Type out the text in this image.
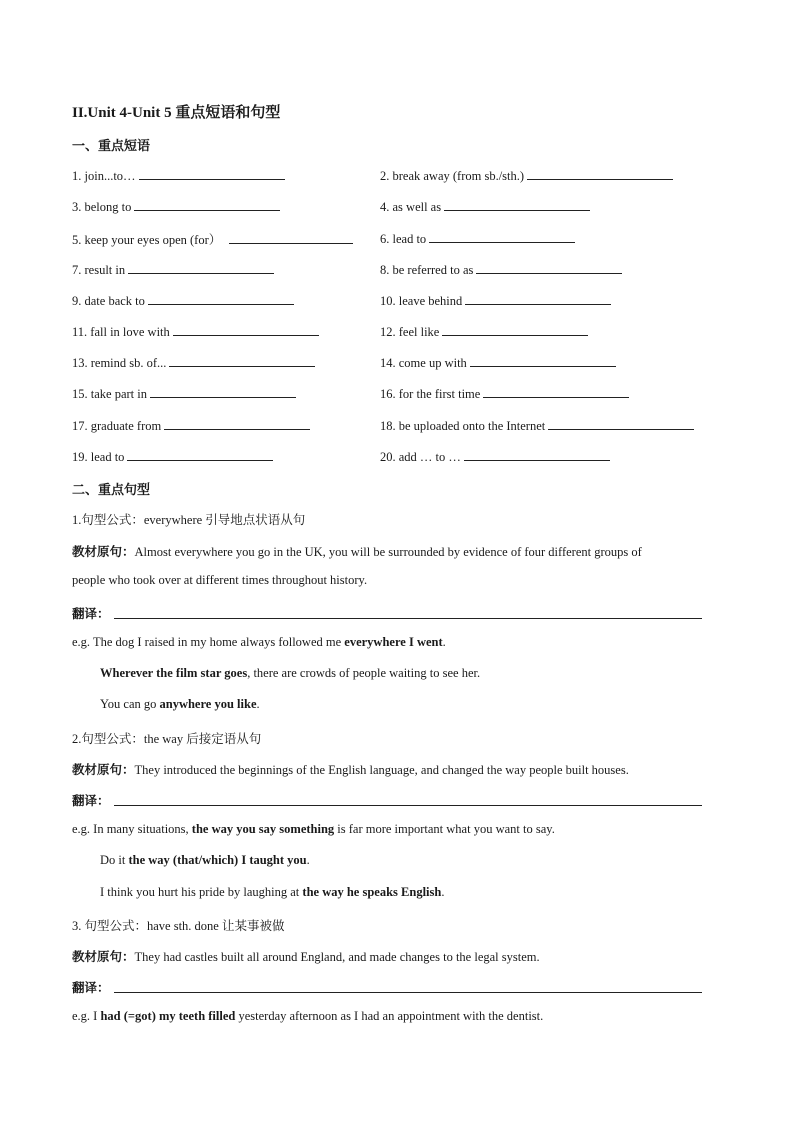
II.Unit 4-Unit 5 重点短语和句型
一、重点短语
1. join...to…	2. break away (from sb./sth.)
3. belong to	4. as well as
5. keep your eyes open (for）	6. lead to
7. result in	8. be referred to as
9. date back to	10. leave behind
11. fall in love with	12. feel like
13. remind sb. of...	14. come up with
15. take part in	16. for the first time
17. graduate from	18. be uploaded onto the Internet
19. lead to	20. add … to …
二、重点句型
1.句型公式：everywhere 引导地点状语从句
教材原句：Almost everywhere you go in the UK, you will be surrounded by evidence of four different groups of
people who took over at different times throughout history.
翻译：
e.g. The dog I raised in my home always followed me everywhere I went.
Wherever the film star goes, there are crowds of people waiting to see her.
You can go anywhere you like.
2.句型公式：the way 后接定语从句
教材原句：They introduced the beginnings of the English language, and changed the way people built houses.
翻译：
e.g. In many situations, the way you say something is far more important what you want to say.
Do it the way (that/which) I taught you.
I think you hurt his pride by laughing at the way he speaks English.
3. 句型公式：have sth. done 让某事被做
教材原句：They had castles built all around England, and made changes to the legal system.
翻译：
e.g. I had (=got) my teeth filled yesterday afternoon as I had an appointment with the dentist.
